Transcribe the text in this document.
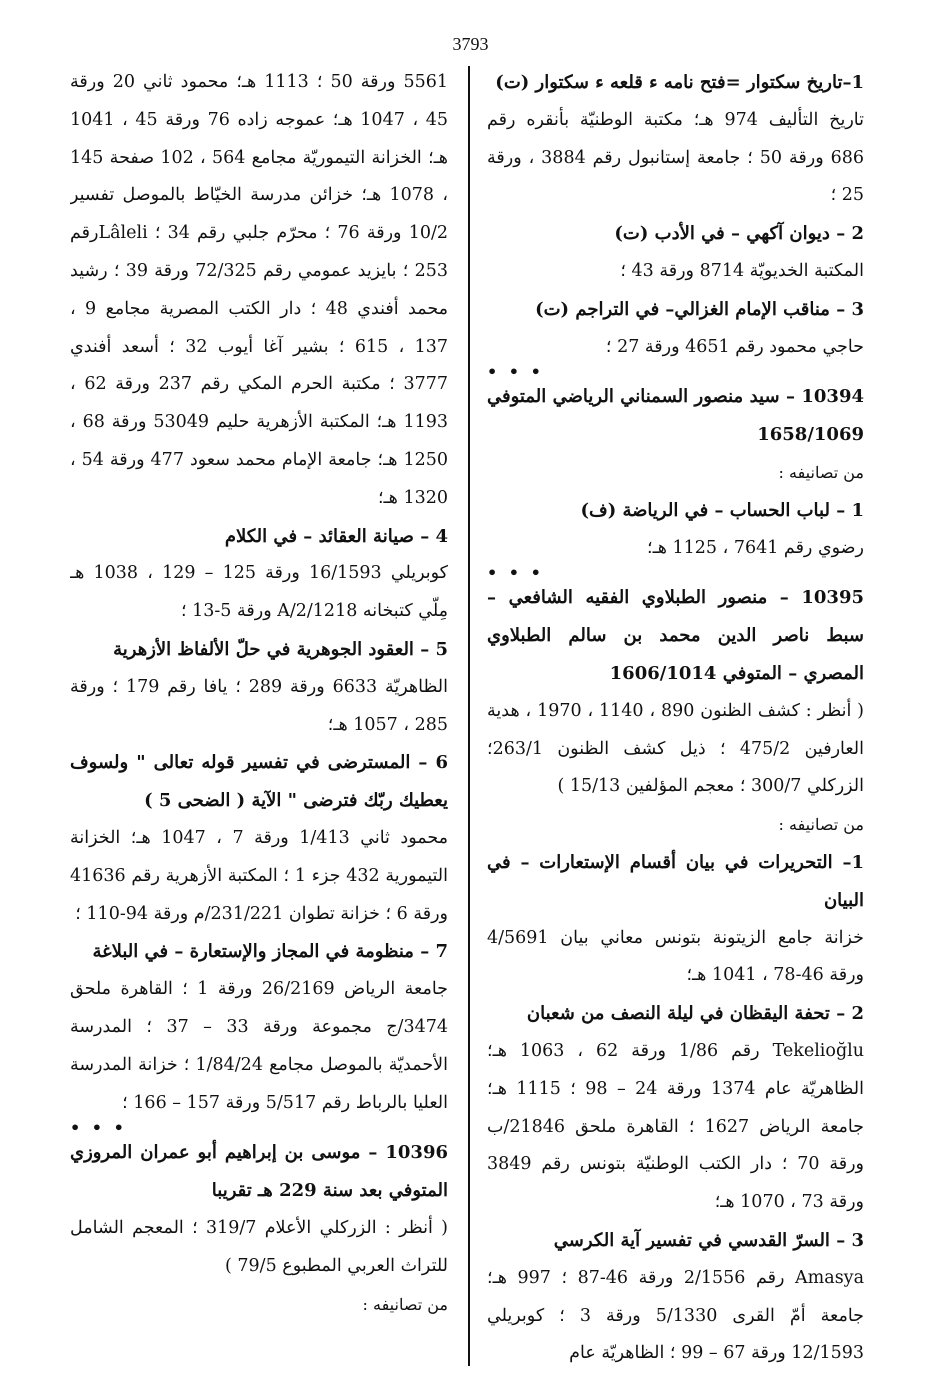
3793

1–تاريخ سكتوار =فتح نامه ء قلعه ء سكتوار (ت)

تاريخ التأليف 974 هـ؛ مكتبة الوطنيّة بأنقره رقم 686 ورقة 50 ؛ جامعة إستانبول رقم 3884 ، ورقة 25 ؛

2 – ديوان آكهي – في الأدب (ت)

المكتبة الخديويّة 8714 ورقة 43 ؛

3 – مناقب الإمام الغزالي– في التراجم (ت)

حاجي محمود رقم 4651 ورقة 27 ؛

• • •

10394 – سيد منصور السمناني الرياضي المتوفي 1658/1069

من تصانيفه :

1 – لباب الحساب – في الرياضة (ف)

رضوي رقم 7641 ، 1125 هـ؛

• • •

10395 – منصور الطبلاوي الفقيه الشافعي – سبط ناصر الدين محمد بن سالم الطبلاوي المصري – المتوفي 1606/1014

( أنظر : كشف الظنون 890 ، 1140 ، 1970 ، هدية العارفين 475/2 ؛ ذيل كشف الظنون 263/1؛ الزركلي 300/7 ؛ معجم المؤلفين 15/13 )

من تصانيفه :

1– التحريرات في بيان أقسام الإستعارات – في البيان

خزانة جامع الزيتونة بتونس معاني بيان 4/5691 ورقة 46-78 ، 1041 هـ؛

2 – تحفة اليقظان في ليلة النصف من شعبان

Tekelioğlu رقم 1/86 ورقة 62 ، 1063 هـ؛ الظاهريّة عام 1374 ورقة 24 – 98 ؛ 1115 هـ؛ جامعة الرياض 1627 ؛ القاهرة ملحق 21846/ب ورقة 70 ؛ دار الكتب الوطنيّة بتونس رقم 3849 ورقة 73 ، 1070 هـ؛

3 – السرّ القدسي في تفسير آية الكرسي

Amasya رقم 2/1556 ورقة 46-87 ؛ 997 هـ؛ جامعة أمّ القرى 5/1330 ورقة 3 ؛ كوبريلي 12/1593 ورقة 67 – 99 ؛ الظاهريّة عام

5561 ورقة 50 ؛ 1113 هـ؛ محمود ثاني 20 ورقة 45 ، 1047 هـ؛ عموجه زاده 76 ورقة 45 ، 1041 هـ؛ الخزانة التيموريّة مجامع 564 ، 102 صفحة 145 ، 1078 هـ؛ خزائن مدرسة الخيّاط بالموصل تفسير 10/2 ورقة 76 ؛ محرّم جلبي رقم 34 ؛ Lâleliرقم 253 ؛ بايزيد عمومي رقم 72/325 ورقة 39 ؛ رشيد محمد أفندي 48 ؛ دار الكتب المصرية مجامع 9 ، 137 ، 615 ؛ بشير آغا أيوب 32 ؛ أسعد أفندي 3777 ؛ مكتبة الحرم المكي رقم 237 ورقة 62 ، 1193 هـ؛ المكتبة الأزهرية حليم 53049 ورقة 68 ، 1250 هـ؛ جامعة الإمام محمد سعود 477 ورقة 54 ، 1320 هـ؛

4 – صيانة العقائد – في الكلام

كوبريلي 16/1593 ورقة 125 – 129 ، 1038 هـ مِلّي كتبخانه 2/1218/A ورقة 5-13 ؛

5 – العقود الجوهرية في حلّ الألفاظ الأزهرية

الظاهريّة 6633 ورقة 289 ؛ يافا رقم 179 ؛ ورقة 285 ، 1057 هـ؛

6 – المسترضى في تفسير قوله تعالى " ولسوف يعطيك ربّك فترضى " الآية ( الضحى 5 )

محمود ثاني 1/413 ورقة 7 ، 1047 هـ؛ الخزانة التيمورية 432 جزء 1 ؛ المكتبة الأزهرية رقم 41636 ورقة 6 ؛ خزانة تطوان 231/221/م ورقة 94-110 ؛

7 – منظومة في المجاز والإستعارة – في البلاغة

جامعة الرياض 26/2169 ورقة 1 ؛ القاهرة ملحق 3474/ج مجموعة ورقة 33 – 37 ؛ المدرسة الأحمديّة بالموصل مجامع 1/84/24 ؛ خزانة المدرسة العليا بالرباط رقم 5/517 ورقة 157 – 166 ؛

• • •

10396 – موسى بن إبراهيم أبو عمران المروزي المتوفي بعد سنة 229 هـ تقريبا

( أنظر : الزركلي الأعلام 319/7 ؛ المعجم الشامل للتراث العربي المطبوع 79/5 )

من تصانيفه :
